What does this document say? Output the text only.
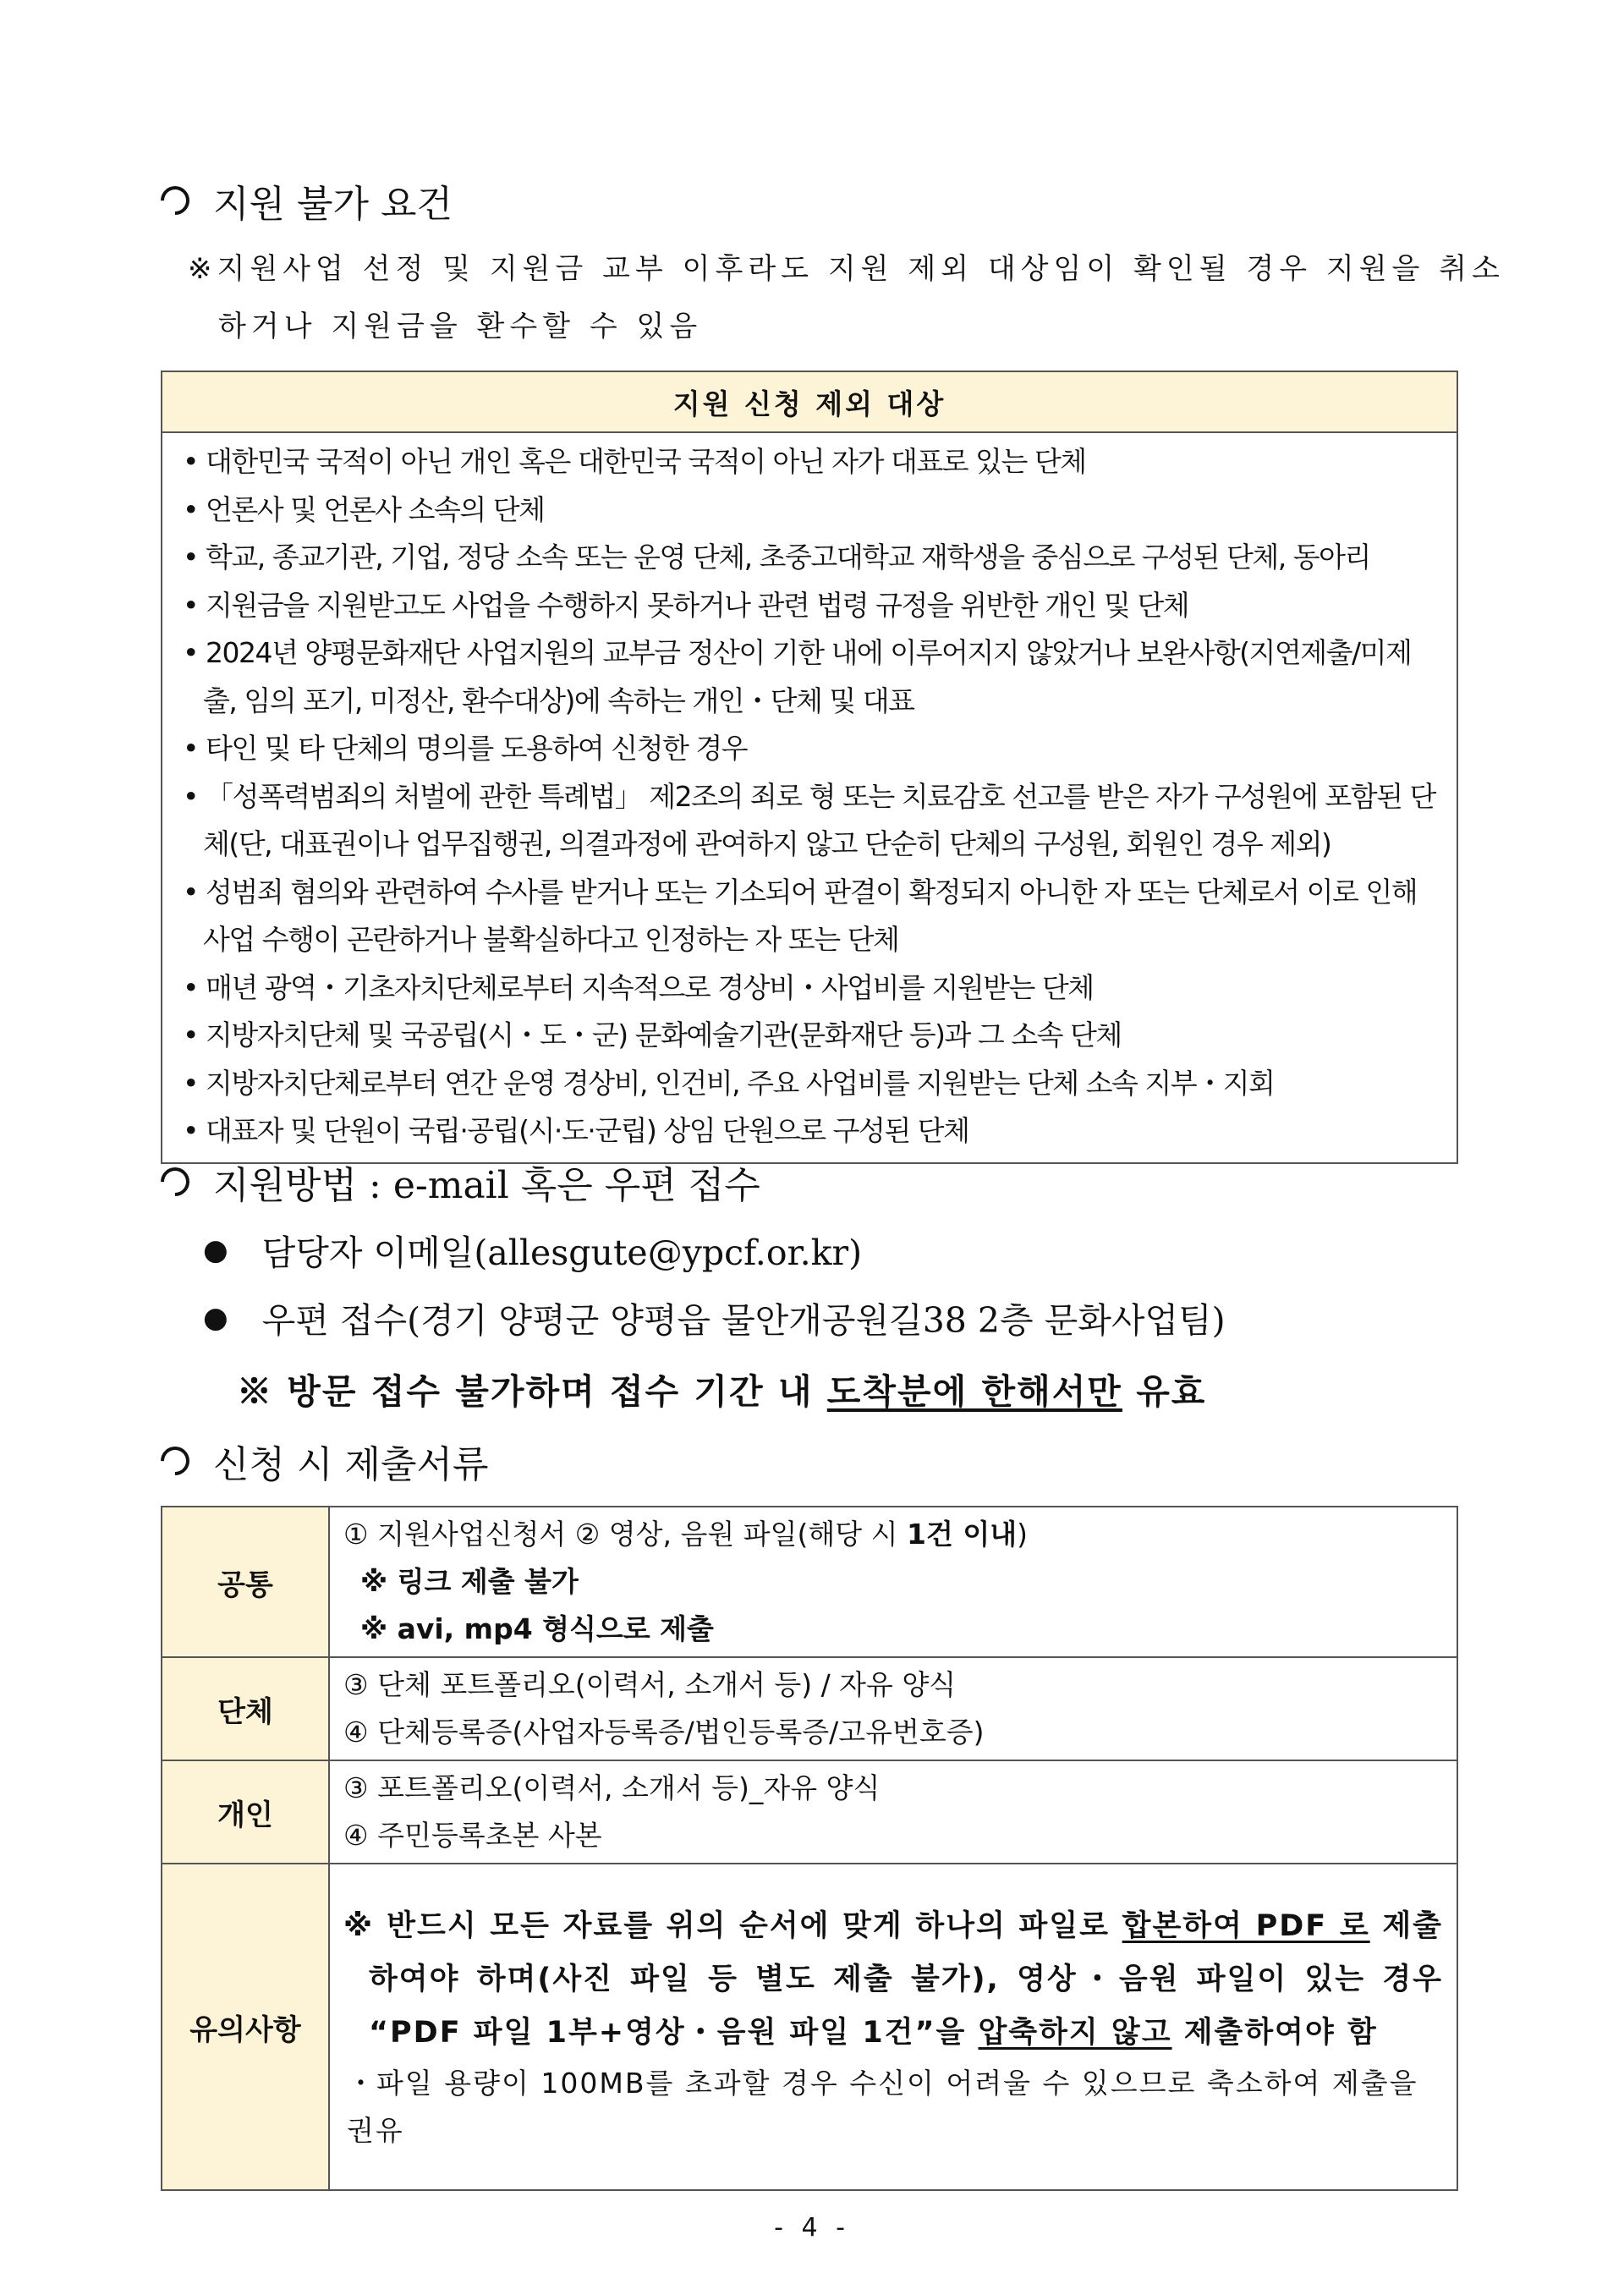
지원 불가 요건
※지원사업 선정 및 지원금 교부 이후라도 지원 제외 대상임이 확인될 경우 지원을 취소
하거나 지원금을 환수할 수 있음
지원 신청 제외 대상

• 대한민국 국적이 아닌 개인 혹은 대한민국 국적이 아닌 자가 대표로 있는 단체
• 언론사 및 언론사 소속의 단체
• 학교, 종교기관, 기업, 정당 소속 또는 운영 단체, 초중고대학교 재학생을 중심으로 구성된 단체, 동아리
• 지원금을 지원받고도 사업을 수행하지 못하거나 관련 법령 규정을 위반한 개인 및 단체
• 2024년 양평문화재단 사업지원의 교부금 정산이 기한 내에 이루어지지 않았거나 보완사항(지연제출/미제출, 임의 포기, 미정산, 환수대상)에 속하는 개인・단체 및 대표
• 타인 및 타 단체의 명의를 도용하여 신청한 경우
• 「성폭력범죄의 처벌에 관한 특례법」 제2조의 죄로 형 또는 치료감호 선고를 받은 자가 구성원에 포함된 단체(단, 대표권이나 업무집행권, 의결과정에 관여하지 않고 단순히 단체의 구성원, 회원인 경우 제외)
• 성범죄 혐의와 관련하여 수사를 받거나 또는 기소되어 판결이 확정되지 아니한 자 또는 단체로서 이로 인해 사업 수행이 곤란하거나 불확실하다고 인정하는 자 또는 단체
• 매년 광역・기초자치단체로부터 지속적으로 경상비・사업비를 지원받는 단체
• 지방자치단체 및 국공립(시・도・군) 문화예술기관(문화재단 등)과 그 소속 단체
• 지방자치단체로부터 연간 운영 경상비, 인건비, 주요 사업비를 지원받는 단체 소속 지부・지회
• 대표자 및 단원이 국립·공립(시·도·군립) 상임 단원으로 구성된 단체
지원방법 : e-mail 혹은 우편 접수
● 담당자 이메일(allesgute@ypcf.or.kr)
● 우편 접수(경기 양평군 양평읍 물안개공원길38 2층 문화사업팀)
※ 방문 접수 불가하며 접수 기간 내 도착분에 한해서만 유효
신청 시 제출서류
공통	① 지원사업신청서 ② 영상, 음원 파일(해당 시 1건 이내)
※ 링크 제출 불가
※ avi, mp4 형식으로 제출

단체	③ 단체 포트폴리오(이력서, 소개서 등) / 자유 양식
④ 단체등록증(사업자등록증/법인등록증/고유번호증)

개인	③ 포트폴리오(이력서, 소개서 등)_자유 양식
④ 주민등록초본 사본

유의사항	※ 반드시 모든 자료를 위의 순서에 맞게 하나의 파일로 합본하여 PDF 로 제출하여야 하며(사진 파일 등 별도 제출 불가), 영상・음원 파일이 있는 경우 “PDF 파일 1부+영상・음원 파일 1건”을 압축하지 않고 제출하여야 함
・파일 용량이 100MB를 초과할 경우 수신이 어려울 수 있으므로 축소하여 제출을 권유
- 4 -
